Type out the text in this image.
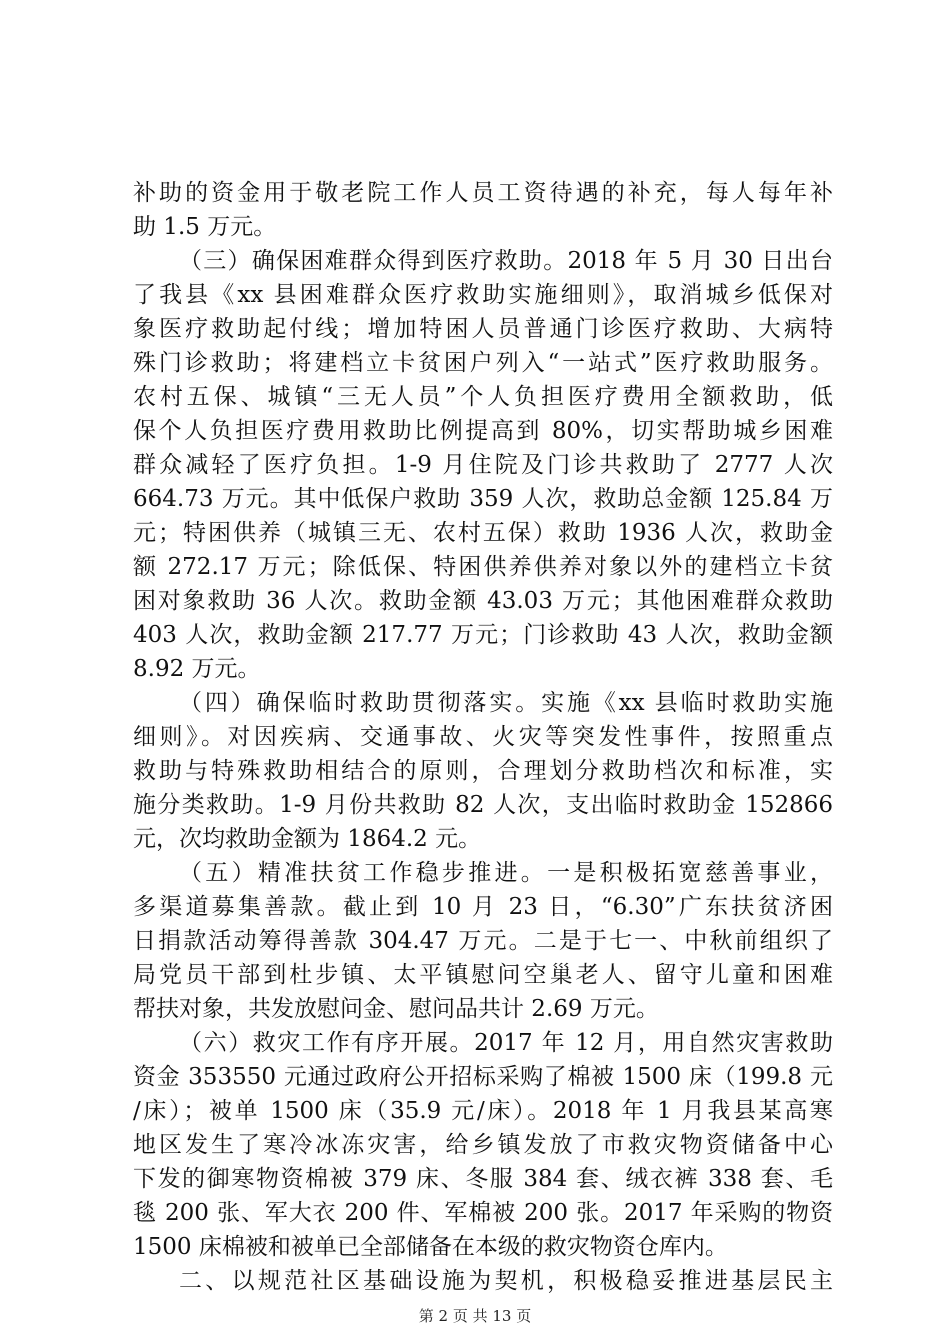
补助的资金用于敬老院工作人员工资待遇的补充，每人每年补
助 1.5 万元。
（三）确保困难群众得到医疗救助。2018 年 5 月 30 日出台
了我县《xx 县困难群众医疗救助实施细则》，取消城乡低保对
象医疗救助起付线；增加特困人员普通门诊医疗救助、大病特
殊门诊救助；将建档立卡贫困户列入“一站式”医疗救助服务。
农村五保、城镇“三无人员”个人负担医疗费用全额救助，低
保个人负担医疗费用救助比例提高到 80%，切实帮助城乡困难
群众减轻了医疗负担。1-9 月住院及门诊共救助了 2777 人次
664.73 万元。其中低保户救助 359 人次，救助总金额 125.84 万
元；特困供养（城镇三无、农村五保）救助 1936 人次，救助金
额 272.17 万元；除低保、特困供养供养对象以外的建档立卡贫
困对象救助 36 人次。救助金额 43.03 万元；其他困难群众救助
403 人次，救助金额 217.77 万元；门诊救助 43 人次，救助金额
8.92 万元。
（四）确保临时救助贯彻落实。实施《xx 县临时救助实施
细则》。对因疾病、交通事故、火灾等突发性事件，按照重点
救助与特殊救助相结合的原则，合理划分救助档次和标准，实
施分类救助。1-9 月份共救助 82 人次，支出临时救助金 152866
元，次均救助金额为 1864.2 元。
（五）精准扶贫工作稳步推进。一是积极拓宽慈善事业，
多渠道募集善款。截止到 10 月 23 日，“6.30”广东扶贫济困
日捐款活动筹得善款 304.47 万元。二是于七一、中秋前组织了
局党员干部到杜步镇、太平镇慰问空巢老人、留守儿童和困难
帮扶对象，共发放慰问金、慰问品共计 2.69 万元。
（六）救灾工作有序开展。2017 年 12 月，用自然灾害救助
资金 353550 元通过政府公开招标采购了棉被 1500 床（199.8 元
/床）；被单 1500 床（35.9 元/床）。2018 年 1 月我县某高寒
地区发生了寒冷冰冻灾害，给乡镇发放了市救灾物资储备中心
下发的御寒物资棉被 379 床、冬服 384 套、绒衣裤 338 套、毛
毯 200 张、军大衣 200 件、军棉被 200 张。2017 年采购的物资
1500 床棉被和被单已全部储备在本级的救灾物资仓库内。
二、以规范社区基础设施为契机，积极稳妥推进基层民主
第 2 页 共 13 页
